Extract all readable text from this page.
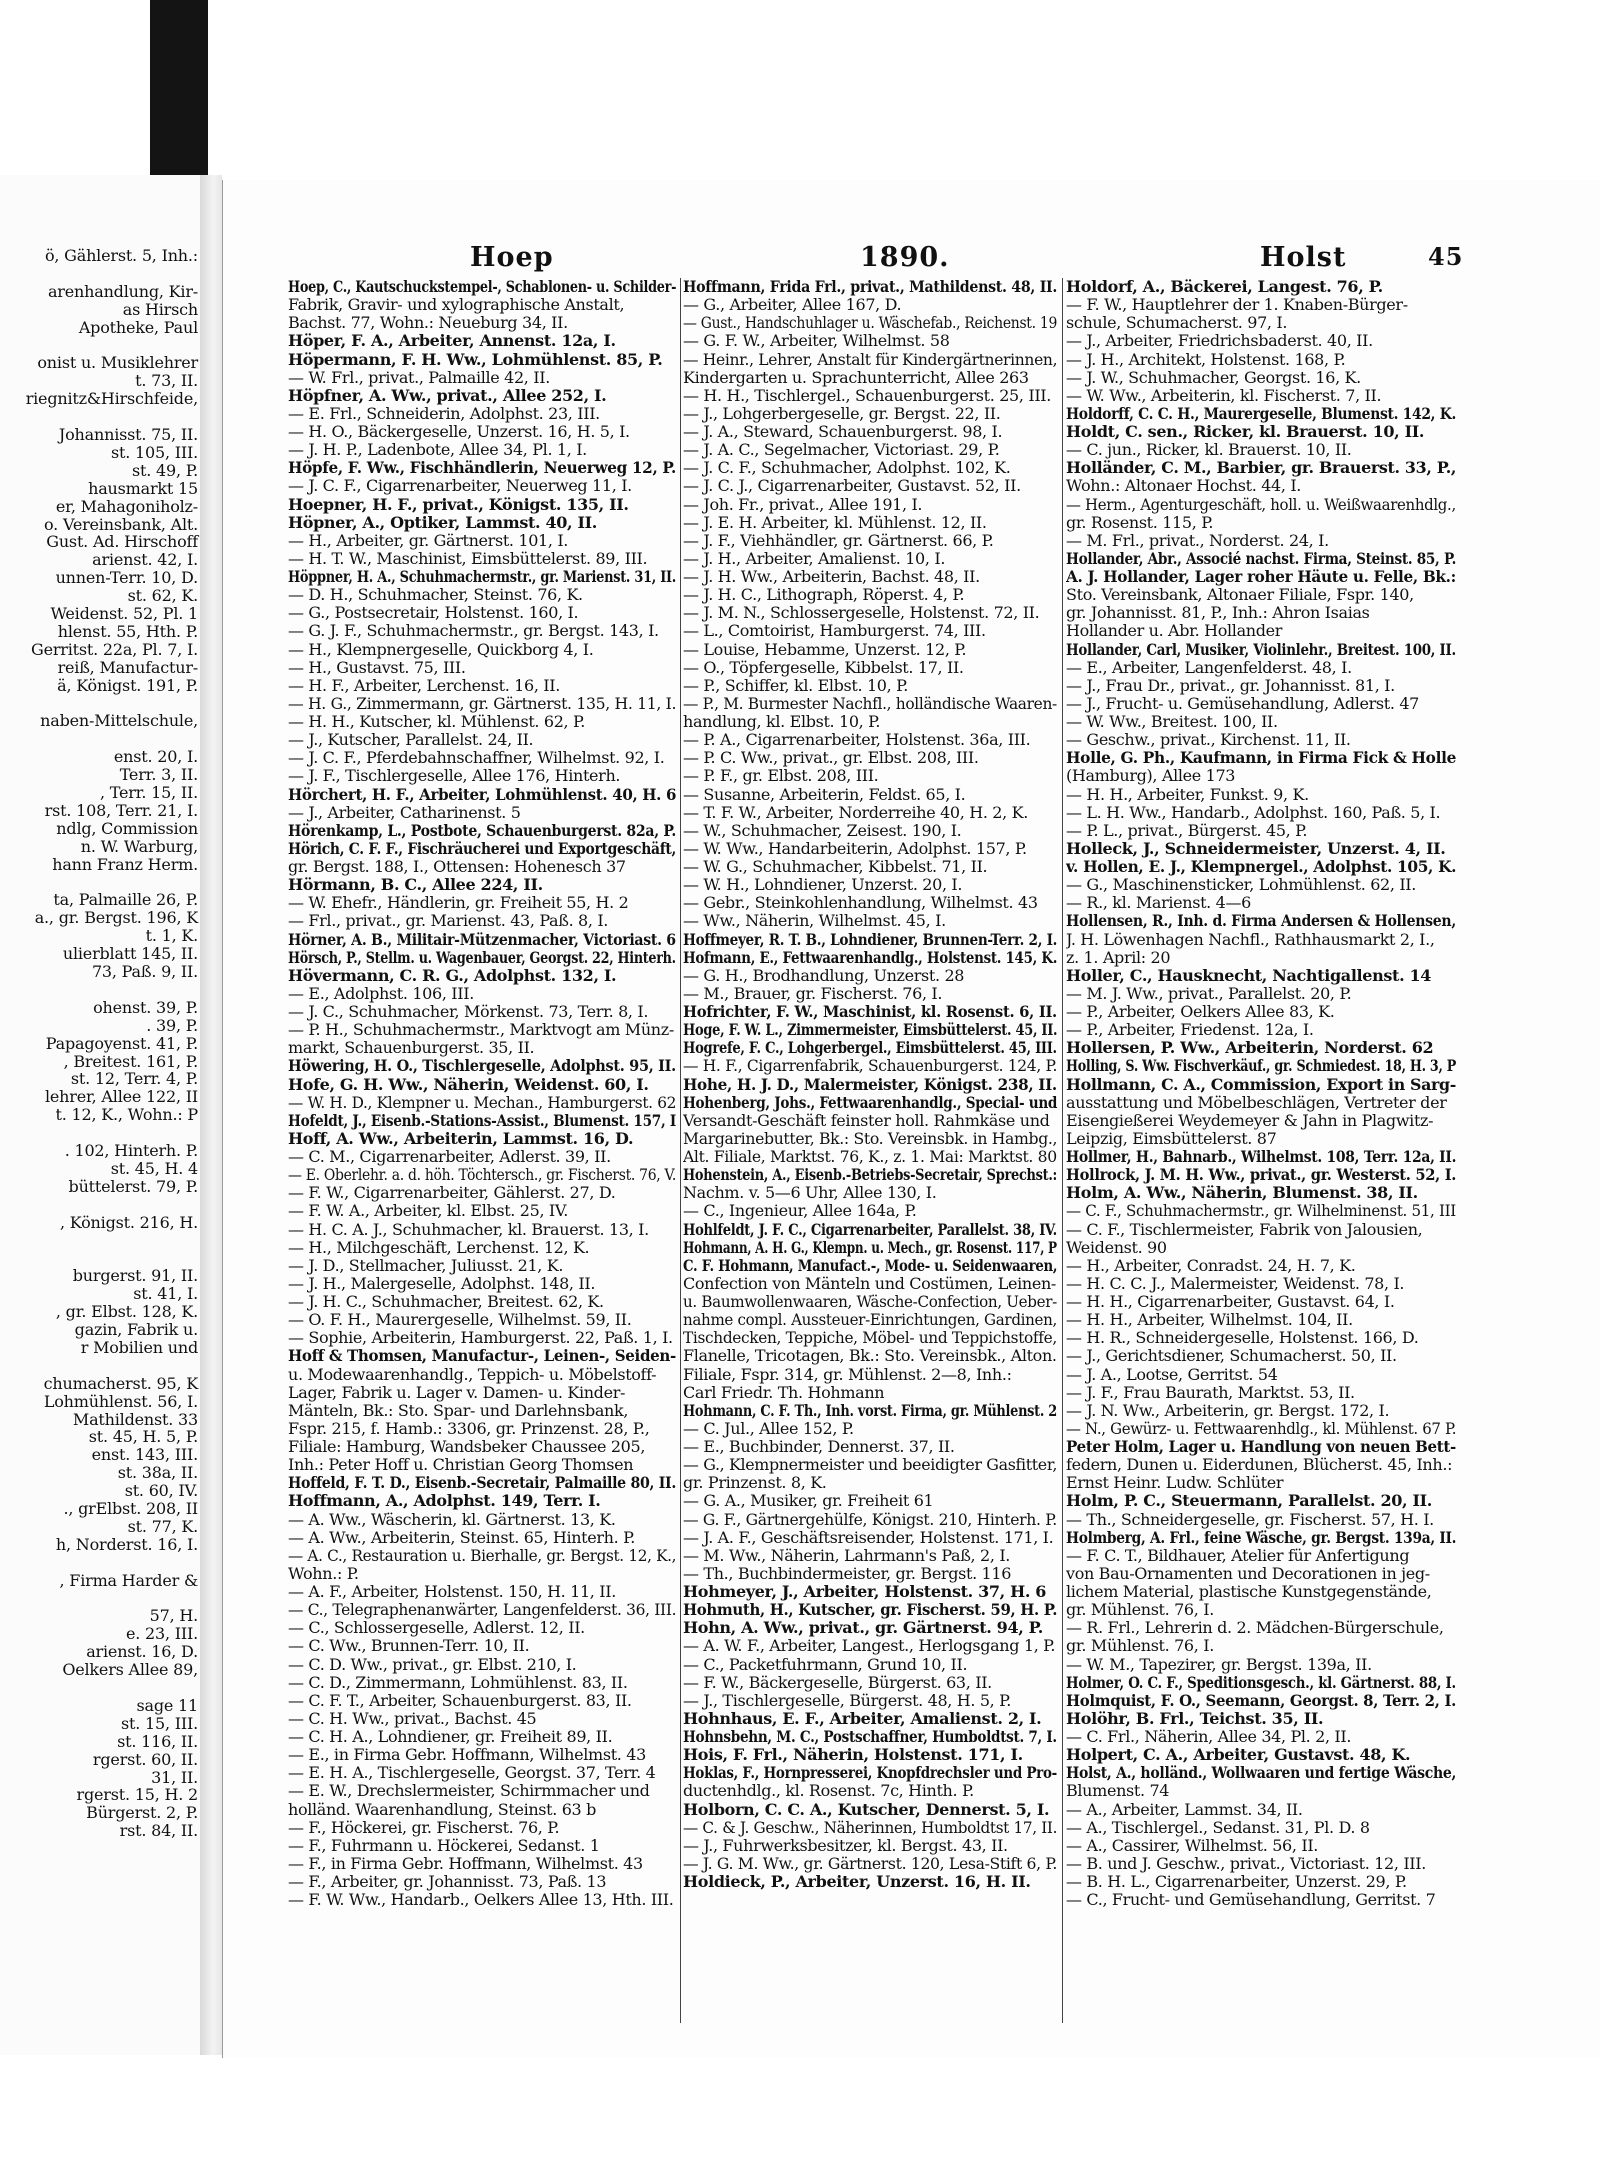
ö, Gählerst. 5, Inh.:
arenhandlung, Kir-
as Hirsch
Apotheke, Paul
onist u. Musiklehrer
t. 73, II.
riegnitz&Hirschfeide,
Johannisst. 75, II.
st. 105, III.
st. 49, P.
hausmarkt 15
er, Mahagoniholz-
o. Vereinsbank, Alt.
Gust. Ad. Hirschoff
arienst. 42, I.
unnen-Terr. 10, D.
st. 62, K.
Weidenst. 52, Pl. 1
hlenst. 55, Hth. P.
Gerritst. 22a, Pl. 7, I.
reiß, Manufactur-
ä, Königst. 191, P.
naben-Mittelschule,
enst. 20, I.
Terr. 3, II.
, Terr. 15, II.
rst. 108, Terr. 21, I.
ndlg, Commission
n. W. Warburg,
hann Franz Herm.
ta, Palmaille 26, P.
a., gr. Bergst. 196, K
t. 1, K.
ulierblatt 145, II.
73, Paß. 9, II.
ohenst. 39, P.
. 39, P.
Papagoyenst. 41, P.
, Breitest. 161, P.
st. 12, Terr. 4, P.
lehrer, Allee 122, II
t. 12, K., Wohn.: P
. 102, Hinterh. P.
st. 45, H. 4
büttelerst. 79, P.
, Königst. 216, H.
burgerst. 91, II.
st. 41, I.
, gr. Elbst. 128, K.
gazin, Fabrik u.
r Mobilien und
chumacherst. 95, K
Lohmühlenst. 56, I.
Mathildenst. 33
st. 45, H. 5, P.
enst. 143, III.
st. 38a, II.
st. 60, IV.
., grElbst. 208, II
st. 77, K.
h, Norderst. 16, I.
, Firma Harder &
57, H.
e. 23, III.
arienst. 16, D.
Oelkers Allee 89,
sage 11
st. 15, III.
st. 116, II.
rgerst. 60, II.
31, II.
rgerst. 15, H. 2
Bürgerst. 2, P.
rst. 84, II.
Hoep	1890.	Holst	45
Hoep, C., Kautschuckstempel-, Schablonen- u. Schilder-
Fabrik, Gravir- und xylographische Anstalt,
Bachst. 77, Wohn.: Neueburg 34, II.
Höper, F. A., Arbeiter, Annenst. 12a, I.
Höpermann, F. H. Ww., Lohmühlenst. 85, P.
— W. Frl., privat., Palmaille 42, II.
Höpfner, A. Ww., privat., Allee 252, I.
— E. Frl., Schneiderin, Adolphst. 23, III.
— H. O., Bäckergeselle, Unzerst. 16, H. 5, I.
— J. H. P., Ladenbote, Allee 34, Pl. 1, I.
Höpfe, F. Ww., Fischhändlerin, Neuerweg 12, P.
— J. C. F., Cigarrenarbeiter, Neuerweg 11, I.
Hoepner, H. F., privat., Königst. 135, II.
Höpner, A., Optiker, Lammst. 40, II.
— H., Arbeiter, gr. Gärtnerst. 101, I.
— H. T. W., Maschinist, Eimsbüttelerst. 89, III.
Höppner, H. A., Schuhmachermstr., gr. Marienst. 31, II.
— D. H., Schuhmacher, Steinst. 76, K.
— G., Postsecretair, Holstenst. 160, I.
— G. J. F., Schuhmachermstr., gr. Bergst. 143, I.
— H., Klempnergeselle, Quickborg 4, I.
— H., Gustavst. 75, III.
— H. F., Arbeiter, Lerchenst. 16, II.
— H. G., Zimmermann, gr. Gärtnerst. 135, H. 11, I.
— H. H., Kutscher, kl. Mühlenst. 62, P.
— J., Kutscher, Parallelst. 24, II.
— J. C. F., Pferdebahnschaffner, Wilhelmst. 92, I.
— J. F., Tischlergeselle, Allee 176, Hinterh.
Hörchert, H. F., Arbeiter, Lohmühlenst. 40, H. 6
— J., Arbeiter, Catharinenst. 5
Hörenkamp, L., Postbote, Schauenburgerst. 82a, P.
Hörich, C. F. F., Fischräucherei und Exportgeschäft,
gr. Bergst. 188, I., Ottensen: Hohenesch 37
Hörmann, B. C., Allee 224, II.
— W. Ehefr., Händlerin, gr. Freiheit 55, H. 2
— Frl., privat., gr. Marienst. 43, Paß. 8, I.
Hörner, A. B., Militair-Mützenmacher, Victoriast. 6
Hörsch, P., Stellm. u. Wagenbauer, Georgst. 22, Hinterh.
Hövermann, C. R. G., Adolphst. 132, I.
— E., Adolphst. 106, III.
— J. C., Schuhmacher, Mörkenst. 73, Terr. 8, I.
— P. H., Schuhmachermstr., Marktvogt am Münz-
markt, Schauenburgerst. 35, II.
Höwering, H. O., Tischlergeselle, Adolphst. 95, II.
Hofe, G. H. Ww., Näherin, Weidenst. 60, I.
— W. H. D., Klempner u. Mechan., Hamburgerst. 62
Hofeldt, J., Eisenb.-Stations-Assist., Blumenst. 157, I
Hoff, A. Ww., Arbeiterin, Lammst. 16, D.
— C. M., Cigarrenarbeiter, Adlerst. 39, II.
— E. Oberlehr. a. d. höh. Töchtersch., gr. Fischerst. 76, V.
— F. W., Cigarrenarbeiter, Gählerst. 27, D.
— F. W. A., Arbeiter, kl. Elbst. 25, IV.
— H. C. A. J., Schuhmacher, kl. Brauerst. 13, I.
— H., Milchgeschäft, Lerchenst. 12, K.
— J. D., Stellmacher, Juliusst. 21, K.
— J. H., Malergeselle, Adolphst. 148, II.
— J. H. C., Schuhmacher, Breitest. 62, K.
— O. F. H., Maurergeselle, Wilhelmst. 59, II.
— Sophie, Arbeiterin, Hamburgerst. 22, Paß. 1, I.
Hoff & Thomsen, Manufactur-, Leinen-, Seiden-
u. Modewaarenhandlg., Teppich- u. Möbelstoff-
Lager, Fabrik u. Lager v. Damen- u. Kinder-
Mänteln, Bk.: Sto. Spar- und Darlehnsbank,
Fspr. 215, f. Hamb.: 3306, gr. Prinzenst. 28, P.,
Filiale: Hamburg, Wandsbeker Chaussee 205,
Inh.: Peter Hoff u. Christian Georg Thomsen
Hoffeld, F. T. D., Eisenb.-Secretair, Palmaille 80, II.
Hoffmann, A., Adolphst. 149, Terr. I.
— A. Ww., Wäscherin, kl. Gärtnerst. 13, K.
— A. Ww., Arbeiterin, Steinst. 65, Hinterh. P.
— A. C., Restauration u. Bierhalle, gr. Bergst. 12, K.,
Wohn.: P.
— A. F., Arbeiter, Holstenst. 150, H. 11, II.
— C., Telegraphenanwärter, Langenfelderst. 36, III.
— C., Schlossergeselle, Adlerst. 12, II.
— C. Ww., Brunnen-Terr. 10, II.
— C. D. Ww., privat., gr. Elbst. 210, I.
— C. D., Zimmermann, Lohmühlenst. 83, II.
— C. F. T., Arbeiter, Schauenburgerst. 83, II.
— C. H. Ww., privat., Bachst. 45
— C. H. A., Lohndiener, gr. Freiheit 89, II.
— E., in Firma Gebr. Hoffmann, Wilhelmst. 43
— E. H. A., Tischlergeselle, Georgst. 37, Terr. 4
— E. W., Drechslermeister, Schirmmacher und
holländ. Waarenhandlung, Steinst. 63 b
— F., Höckerei, gr. Fischerst. 76, P.
— F., Fuhrmann u. Höckerei, Sedanst. 1
— F., in Firma Gebr. Hoffmann, Wilhelmst. 43
— F., Arbeiter, gr. Johannisst. 73, Paß. 13
— F. W. Ww., Handarb., Oelkers Allee 13, Hth. III.
Hoffmann, Frida Frl., privat., Mathildenst. 48, II.
— G., Arbeiter, Allee 167, D.
— Gust., Handschuhlager u. Wäschefab., Reichenst. 19
— G. F. W., Arbeiter, Wilhelmst. 58
— Heinr., Lehrer, Anstalt für Kindergärtnerinnen,
Kindergarten u. Sprachunterricht, Allee 263
— H. H., Tischlergel., Schauenburgerst. 25, III.
— J., Lohgerbergeselle, gr. Bergst. 22, II.
— J. A., Steward, Schauenburgerst. 98, I.
— J. A. C., Segelmacher, Victoriast. 29, P.
— J. C. F., Schuhmacher, Adolphst. 102, K.
— J. C. J., Cigarrenarbeiter, Gustavst. 52, II.
— Joh. Fr., privat., Allee 191, I.
— J. E. H. Arbeiter, kl. Mühlenst. 12, II.
— J. F., Viehhändler, gr. Gärtnerst. 66, P.
— J. H., Arbeiter, Amalienst. 10, I.
— J. H. Ww., Arbeiterin, Bachst. 48, II.
— J. H. C., Lithograph, Röperst. 4, P.
— J. M. N., Schlossergeselle, Holstenst. 72, II.
— L., Comtoirist, Hamburgerst. 74, III.
— Louise, Hebamme, Unzerst. 12, P.
— O., Töpfergeselle, Kibbelst. 17, II.
— P., Schiffer, kl. Elbst. 10, P.
— P., M. Burmester Nachfl., holländische Waaren-
handlung, kl. Elbst. 10, P.
— P. A., Cigarrenarbeiter, Holstenst. 36a, III.
— P. C. Ww., privat., gr. Elbst. 208, III.
— P. F., gr. Elbst. 208, III.
— Susanne, Arbeiterin, Feldst. 65, I.
— T. F. W., Arbeiter, Norderreihe 40, H. 2, K.
— W., Schuhmacher, Zeisest. 190, I.
— W. Ww., Handarbeiterin, Adolphst. 157, P.
— W. G., Schuhmacher, Kibbelst. 71, II.
— W. H., Lohndiener, Unzerst. 20, I.
— Gebr., Steinkohlenhandlung, Wilhelmst. 43
— Ww., Näherin, Wilhelmst. 45, I.
Hoffmeyer, R. T. B., Lohndiener, Brunnen-Terr. 2, I.
Hofmann, E., Fettwaarenhandlg., Holstenst. 145, K.
— G. H., Brodhandlung, Unzerst. 28
— M., Brauer, gr. Fischerst. 76, I.
Hofrichter, F. W., Maschinist, kl. Rosenst. 6, II.
Hoge, F. W. L., Zimmermeister, Eimsbüttelerst. 45, II.
Hogrefe, F. C., Lohgerbergel., Eimsbüttelerst. 45, III.
— H. F., Cigarrenfabrik, Schauenburgerst. 124, P.
Hohe, H. J. D., Malermeister, Königst. 238, II.
Hohenberg, Johs., Fettwaarenhandlg., Special- und
Versandt-Geschäft feinster holl. Rahmkäse und
Margarinebutter, Bk.: Sto. Vereinsbk. in Hambg.,
Alt. Filiale, Marktst. 76, K., z. 1. Mai: Marktst. 80
Hohenstein, A., Eisenb.-Betriebs-Secretair, Sprechst.:
Nachm. v. 5—6 Uhr, Allee 130, I.
— C., Ingenieur, Allee 164a, P.
Hohlfeldt, J. F. C., Cigarrenarbeiter, Parallelst. 38, IV.
Hohmann, A. H. G., Klempn. u. Mech., gr. Rosenst. 117, P
C. F. Hohmann, Manufact.-, Mode- u. Seidenwaaren,
Confection von Mänteln und Costümen, Leinen-
u. Baumwollenwaaren, Wäsche-Confection, Ueber-
nahme compl. Aussteuer-Einrichtungen, Gardinen,
Tischdecken, Teppiche, Möbel- und Teppichstoffe,
Flanelle, Tricotagen, Bk.: Sto. Vereinsbk., Alton.
Filiale, Fspr. 314, gr. Mühlenst. 2—8, Inh.:
Carl Friedr. Th. Hohmann
Hohmann, C. F. Th., Inh. vorst. Firma, gr. Mühlenst. 2
— C. Jul., Allee 152, P.
— E., Buchbinder, Dennerst. 37, II.
— G., Klempnermeister und beeidigter Gasfitter,
gr. Prinzenst. 8, K.
— G. A., Musiker, gr. Freiheit 61
— G. F., Gärtnergehülfe, Königst. 210, Hinterh. P.
— J. A. F., Geschäftsreisender, Holstenst. 171, I.
— M. Ww., Näherin, Lahrmann's Paß, 2, I.
— Th., Buchbindermeister, gr. Bergst. 116
Hohmeyer, J., Arbeiter, Holstenst. 37, H. 6
Hohmuth, H., Kutscher, gr. Fischerst. 59, H. P.
Hohn, A. Ww., privat., gr. Gärtnerst. 94, P.
— A. W. F., Arbeiter, Langest., Herlogsgang 1, P.
— C., Packetfuhrmann, Grund 10, II.
— F. W., Bäckergeselle, Bürgerst. 63, II.
— J., Tischlergeselle, Bürgerst. 48, H. 5, P.
Hohnhaus, E. F., Arbeiter, Amalienst. 2, I.
Hohnsbehn, M. C., Postschaffner, Humboldtst. 7, I.
Hois, F. Frl., Näherin, Holstenst. 171, I.
Hoklas, F., Hornpresserei, Knopfdrechsler und Pro-
ductenhdlg., kl. Rosenst. 7c, Hinth. P.
Holborn, C. C. A., Kutscher, Dennerst. 5, I.
— C. & J. Geschw., Näherinnen, Humboldtst 17, II.
— J., Fuhrwerksbesitzer, kl. Bergst. 43, II.
— J. G. M. Ww., gr. Gärtnerst. 120, Lesa-Stift 6, P.
Holdieck, P., Arbeiter, Unzerst. 16, H. II.
Holdorf, A., Bäckerei, Langest. 76, P.
— F. W., Hauptlehrer der 1. Knaben-Bürger-
schule, Schumacherst. 97, I.
— J., Arbeiter, Friedrichsbaderst. 40, II.
— J. H., Architekt, Holstenst. 168, P.
— J. W., Schuhmacher, Georgst. 16, K.
— W. Ww., Arbeiterin, kl. Fischerst. 7, II.
Holdorff, C. C. H., Maurergeselle, Blumenst. 142, K.
Holdt, C. sen., Ricker, kl. Brauerst. 10, II.
— C. jun., Ricker, kl. Brauerst. 10, II.
Holländer, C. M., Barbier, gr. Brauerst. 33, P.,
Wohn.: Altonaer Hochst. 44, I.
— Herm., Agenturgeschäft, holl. u. Weißwaarenhdlg.,
gr. Rosenst. 115, P.
— M. Frl., privat., Norderst. 24, I.
Hollander, Abr., Associé nachst. Firma, Steinst. 85, P.
A. J. Hollander, Lager roher Häute u. Felle, Bk.:
Sto. Vereinsbank, Altonaer Filiale, Fspr. 140,
gr. Johannisst. 81, P., Inh.: Ahron Isaias
Hollander u. Abr. Hollander
Hollander, Carl, Musiker, Violinlehr., Breitest. 100, II.
— E., Arbeiter, Langenfelderst. 48, I.
— J., Frau Dr., privat., gr. Johannisst. 81, I.
— J., Frucht- u. Gemüsehandlung, Adlerst. 47
— W. Ww., Breitest. 100, II.
— Geschw., privat., Kirchenst. 11, II.
Holle, G. Ph., Kaufmann, in Firma Fick & Holle
(Hamburg), Allee 173
— H. H., Arbeiter, Funkst. 9, K.
— L. H. Ww., Handarb., Adolphst. 160, Paß. 5, I.
— P. L., privat., Bürgerst. 45, P.
Holleck, J., Schneidermeister, Unzerst. 4, II.
v. Hollen, E. J., Klempnergel., Adolphst. 105, K.
— G., Maschinensticker, Lohmühlenst. 62, II.
— R., kl. Marienst. 4—6
Hollensen, R., Inh. d. Firma Andersen & Hollensen,
J. H. Löwenhagen Nachfl., Rathhausmarkt 2, I.,
z. 1. April: 20
Holler, C., Hausknecht, Nachtigallenst. 14
— M. J. Ww., privat., Parallelst. 20, P.
— P., Arbeiter, Oelkers Allee 83, K.
— P., Arbeiter, Friedenst. 12a, I.
Hollersen, P. Ww., Arbeiterin, Norderst. 62
Holling, S. Ww. Fischverkäuf., gr. Schmiedest. 18, H. 3, P
Hollmann, C. A., Commission, Export in Sarg-
ausstattung und Möbelbeschlägen, Vertreter der
Eisengießerei Weydemeyer & Jahn in Plagwitz-
Leipzig, Eimsbüttelerst. 87
Hollmer, H., Bahnarb., Wilhelmst. 108, Terr. 12a, II.
Hollrock, J. M. H. Ww., privat., gr. Westerst. 52, I.
Holm, A. Ww., Näherin, Blumenst. 38, II.
— C. F., Schuhmachermstr., gr. Wilhelminenst. 51, III
— C. F., Tischlermeister, Fabrik von Jalousien,
Weidenst. 90
— H., Arbeiter, Conradst. 24, H. 7, K.
— H. C. C. J., Malermeister, Weidenst. 78, I.
— H. H., Cigarrenarbeiter, Gustavst. 64, I.
— H. H., Arbeiter, Wilhelmst. 104, II.
— H. R., Schneidergeselle, Holstenst. 166, D.
— J., Gerichtsdiener, Schumacherst. 50, II.
— J. A., Lootse, Gerritst. 54
— J. F., Frau Baurath, Marktst. 53, II.
— J. N. Ww., Arbeiterin, gr. Bergst. 172, I.
— N., Gewürz- u. Fettwaarenhdlg., kl. Mühlenst. 67 P.
Peter Holm, Lager u. Handlung von neuen Bett-
federn, Dunen u. Eiderdunen, Blücherst. 45, Inh.:
Ernst Heinr. Ludw. Schlüter
Holm, P. C., Steuermann, Parallelst. 20, II.
— Th., Schneidergeselle, gr. Fischerst. 57, H. I.
Holmberg, A. Frl., feine Wäsche, gr. Bergst. 139a, II.
— F. C. T., Bildhauer, Atelier für Anfertigung
von Bau-Ornamenten und Decorationen in jeg-
lichem Material, plastische Kunstgegenstände,
gr. Mühlenst. 76, I.
— R. Frl., Lehrerin d. 2. Mädchen-Bürgerschule,
gr. Mühlenst. 76, I.
— W. M., Tapezirer, gr. Bergst. 139a, II.
Holmer, O. C. F., Speditionsgesch., kl. Gärtnerst. 88, I.
Holmquist, F. O., Seemann, Georgst. 8, Terr. 2, I.
Holöhr, B. Frl., Teichst. 35, II.
— C. Frl., Näherin, Allee 34, Pl. 2, II.
Holpert, C. A., Arbeiter, Gustavst. 48, K.
Holst, A., holländ., Wollwaaren und fertige Wäsche,
Blumenst. 74
— A., Arbeiter, Lammst. 34, II.
— A., Tischlergel., Sedanst. 31, Pl. D. 8
— A., Cassirer, Wilhelmst. 56, II.
— B. und J. Geschw., privat., Victoriast. 12, III.
— B. H. L., Cigarrenarbeiter, Unzerst. 29, P.
— C., Frucht- und Gemüsehandlung, Gerritst. 7
